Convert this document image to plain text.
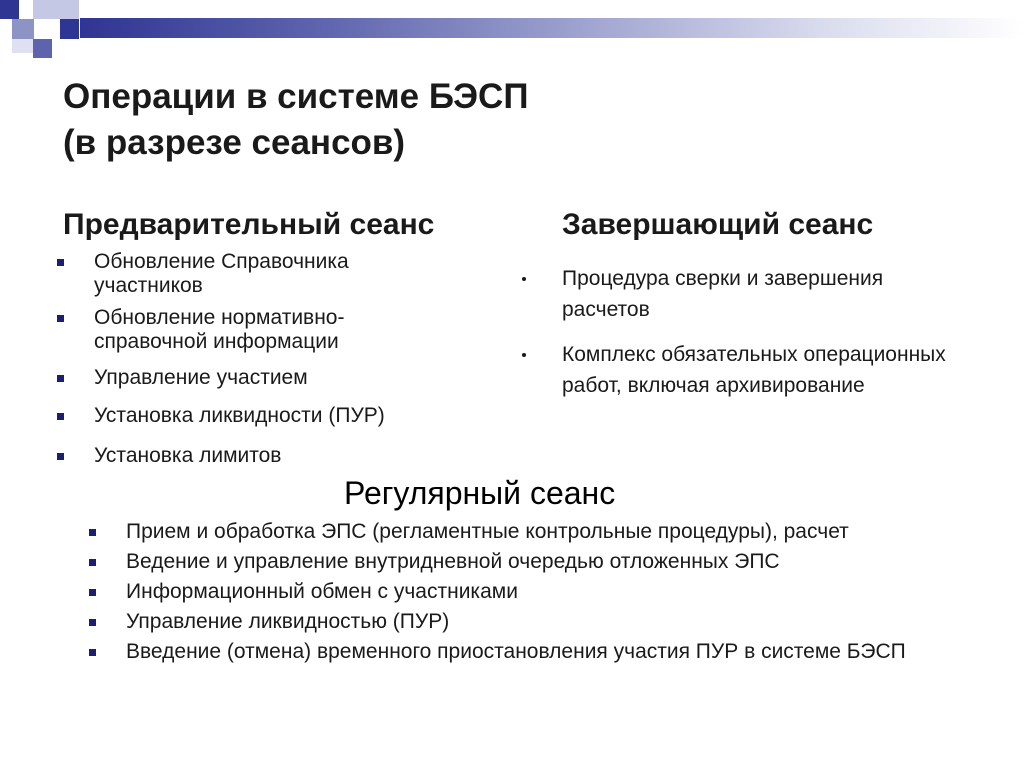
Операции в системе БЭСП
(в разрезе сеансов)
Предварительный сеанс
Обновление Справочника участников
Обновление нормативно-справочной информации
Управление участием
Установка ликвидности (ПУР)
Установка лимитов
Завершающий сеанс
Процедура сверки и завершения расчетов
Комплекс обязательных операционных работ, включая архивирование
Регулярный сеанс
Прием и обработка ЭПС (регламентные контрольные процедуры), расчет
Ведение и управление внутридневной очередью отложенных ЭПС
Информационный обмен с участниками
Управление ликвидностью (ПУР)
Введение (отмена) временного приостановления участия ПУР в системе БЭСП
